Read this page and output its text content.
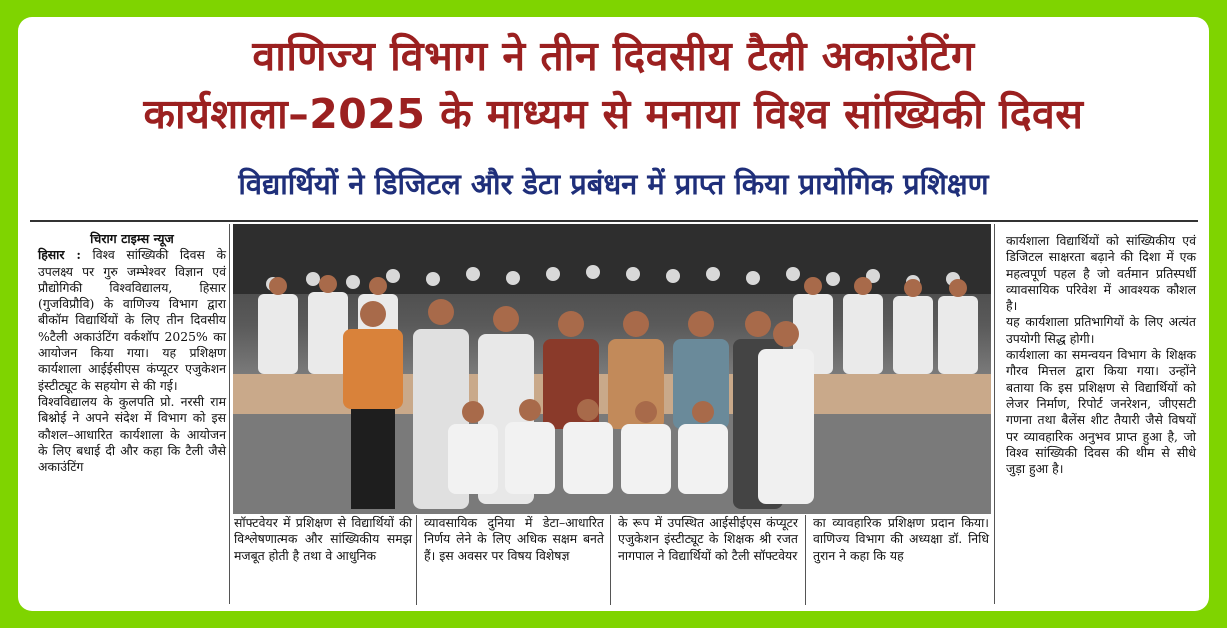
वाणिज्य विभाग ने तीन दिवसीय टैली अकाउंटिंग
कार्यशाला–2025 के माध्यम से मनाया विश्व सांख्यिकी दिवस
विद्यार्थियों ने डिजिटल और डेटा प्रबंधन में प्राप्त किया प्रायोगिक प्रशिक्षण

चिराग टाइम्स न्यूज

हिसार : विश्व सांख्यिकी दिवस के उपलक्ष्य पर गुरु जम्भेश्वर विज्ञान एवं प्रौद्योगिकी विश्वविद्यालय, हिसार (गुजविप्रौवि) के वाणिज्य विभाग द्वारा बीकॉम विद्यार्थियों के लिए तीन दिवसीय %टैली अकाउंटिंग वर्कशॉप 2025% का आयोजन किया गया। यह प्रशिक्षण कार्यशाला आईईसीएस कंप्यूटर एजुकेशन इंस्टीट्यूट के सहयोग से की गई।

विश्वविद्यालय के कुलपति प्रो. नरसी राम बिश्नोई ने अपने संदेश में विभाग को इस कौशल–आधारित कार्यशाला के आयोजन के लिए बधाई दी और कहा कि टैली जैसे अकाउंटिंग

सॉफ्टवेयर में प्रशिक्षण से विद्यार्थियों की विश्लेषणात्मक और सांख्यिकीय समझ मजबूत होती है तथा वे आधुनिक
व्यावसायिक दुनिया में डेटा–आधारित निर्णय लेने के लिए अधिक सक्षम बनते हैं। इस अवसर पर विषय विशेषज्ञ
के रूप में उपस्थित आईसीईएस कंप्यूटर एजुकेशन इंस्टीट्यूट के शिक्षक श्री रजत नागपाल ने विद्यार्थियों को टैली सॉफ्टवेयर
का व्यावहारिक प्रशिक्षण प्रदान किया। वाणिज्य विभाग की अध्यक्षा डॉ. निधि तुरान ने कहा कि यह

कार्यशाला विद्यार्थियों को सांख्यिकीय एवं डिजिटल साक्षरता बढ़ाने की दिशा में एक महत्वपूर्ण पहल है जो वर्तमान प्रतिस्पर्धी व्यावसायिक परिवेश में आवश्यक कौशल है।

यह कार्यशाला प्रतिभागियों के लिए अत्यंत उपयोगी सिद्ध होगी।

कार्यशाला का समन्वयन विभाग के शिक्षक गौरव मित्तल द्वारा किया गया। उन्होंने बताया कि इस प्रशिक्षण से विद्यार्थियों को लेजर निर्माण, रिपोर्ट जनरेशन, जीएसटी गणना तथा बैलेंस शीट तैयारी जैसे विषयों पर व्यावहारिक अनुभव प्राप्त हुआ है, जो विश्व सांख्यिकी दिवस की थीम से सीधे जुड़ा हुआ है।
